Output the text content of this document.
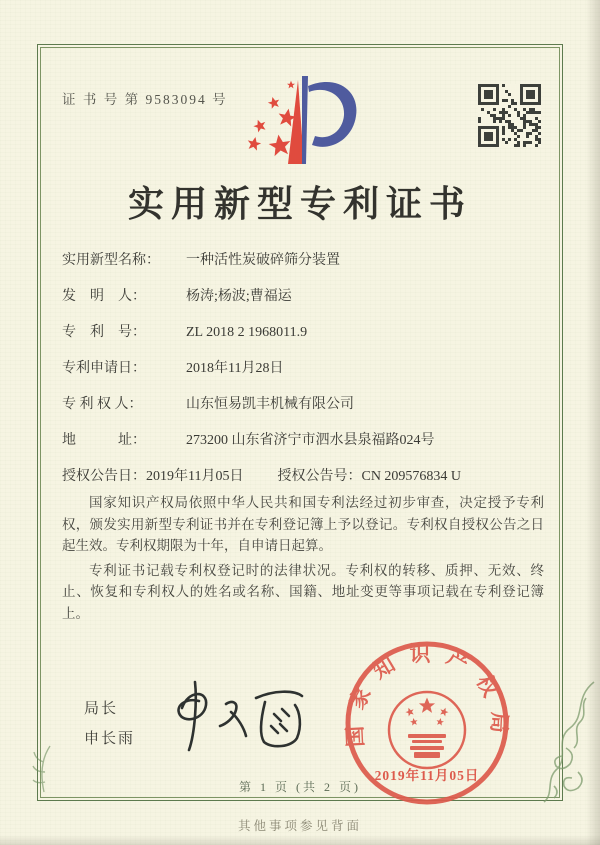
证 书 号 第 9583094 号
实用新型专利证书
实用新型名称：	一种活性炭破碎筛分装置
发　明　人：	杨涛;杨波;曹福运
专　利　号：	ZL 2018 2 1968011.9
专利申请日：	2018年11月28日
专 利 权 人：	山东恒易凯丰机械有限公司
地　　　址：	273200 山东省济宁市泗水县泉福路024号
授权公告日： 2019年11月05日 授权公告号： CN 209576834 U

国家知识产权局依照中华人民共和国专利法经过初步审查，决定授予专利权，颁发实用新型专利证书并在专利登记簿上予以登记。专利权自授权公告之日起生效。专利权期限为十年，自申请日起算。

专利证书记载专利权登记时的法律状况。专利权的转移、质押、无效、终止、恢复和专利权人的姓名或名称、国籍、地址变更等事项记载在专利登记簿上。

局长
申长雨	国家知识产权局
2019年11月05日
第 1 页 (共 2 页)
其他事项参见背面
